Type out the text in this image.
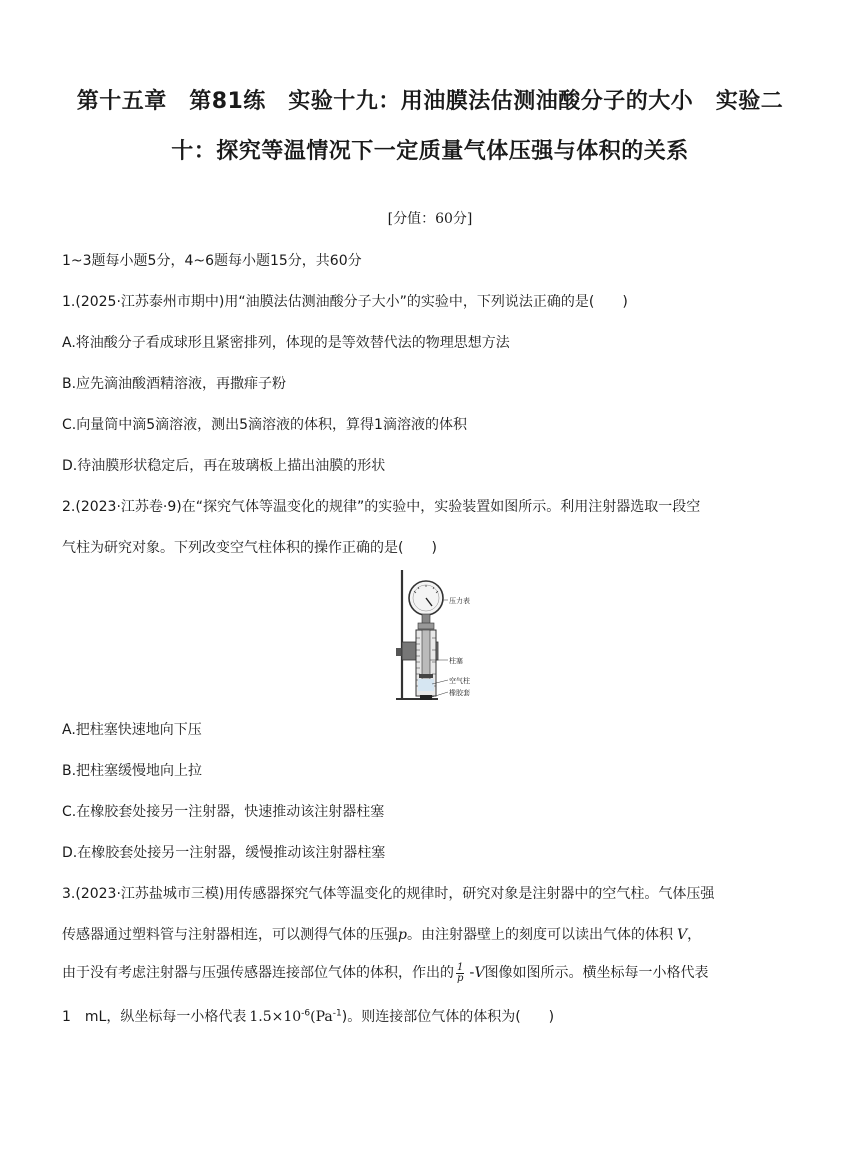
第十五章　第81练　实验十九：用油膜法估测油酸分子的大小　实验二
十：探究等温情况下一定质量气体压强与体积的关系
[分值：60分]
1~3题每小题5分，4~6题每小题15分，共60分
1.(2025·江苏泰州市期中)用“油膜法估测油酸分子大小”的实验中，下列说法正确的是(　　)
A.将油酸分子看成球形且紧密排列，体现的是等效替代法的物理思想方法
B.应先滴油酸酒精溶液，再撒痱子粉
C.向量筒中滴5滴溶液，测出5滴溶液的体积，算得1滴溶液的体积
D.待油膜形状稳定后，再在玻璃板上描出油膜的形状
2.(2023·江苏卷·9)在“探究气体等温变化的规律”的实验中，实验装置如图所示。利用注射器选取一段空
气柱为研究对象。下列改变空气柱体积的操作正确的是(　　)
压力表
柱塞
空气柱
橡胶套
A.把柱塞快速地向下压
B.把柱塞缓慢地向上拉
C.在橡胶套处接另一注射器，快速推动该注射器柱塞
D.在橡胶套处接另一注射器，缓慢推动该注射器柱塞
3.(2023·江苏盐城市三模)用传感器探究气体等温变化的规律时，研究对象是注射器中的空气柱。气体压强
传感器通过塑料管与注射器相连，可以测得气体的压强p。由注射器壁上的刻度可以读出气体的体积 V，
由于没有考虑注射器与压强传感器连接部位气体的体积，作出的 $\frac{1}{p} -V$图像如图所示。横坐标每一小格代表
1　mL，纵坐标每一小格代表 $1.5\times 10^{-6}(Pa^{-1})$。则连接部位气体的体积为(　　)
